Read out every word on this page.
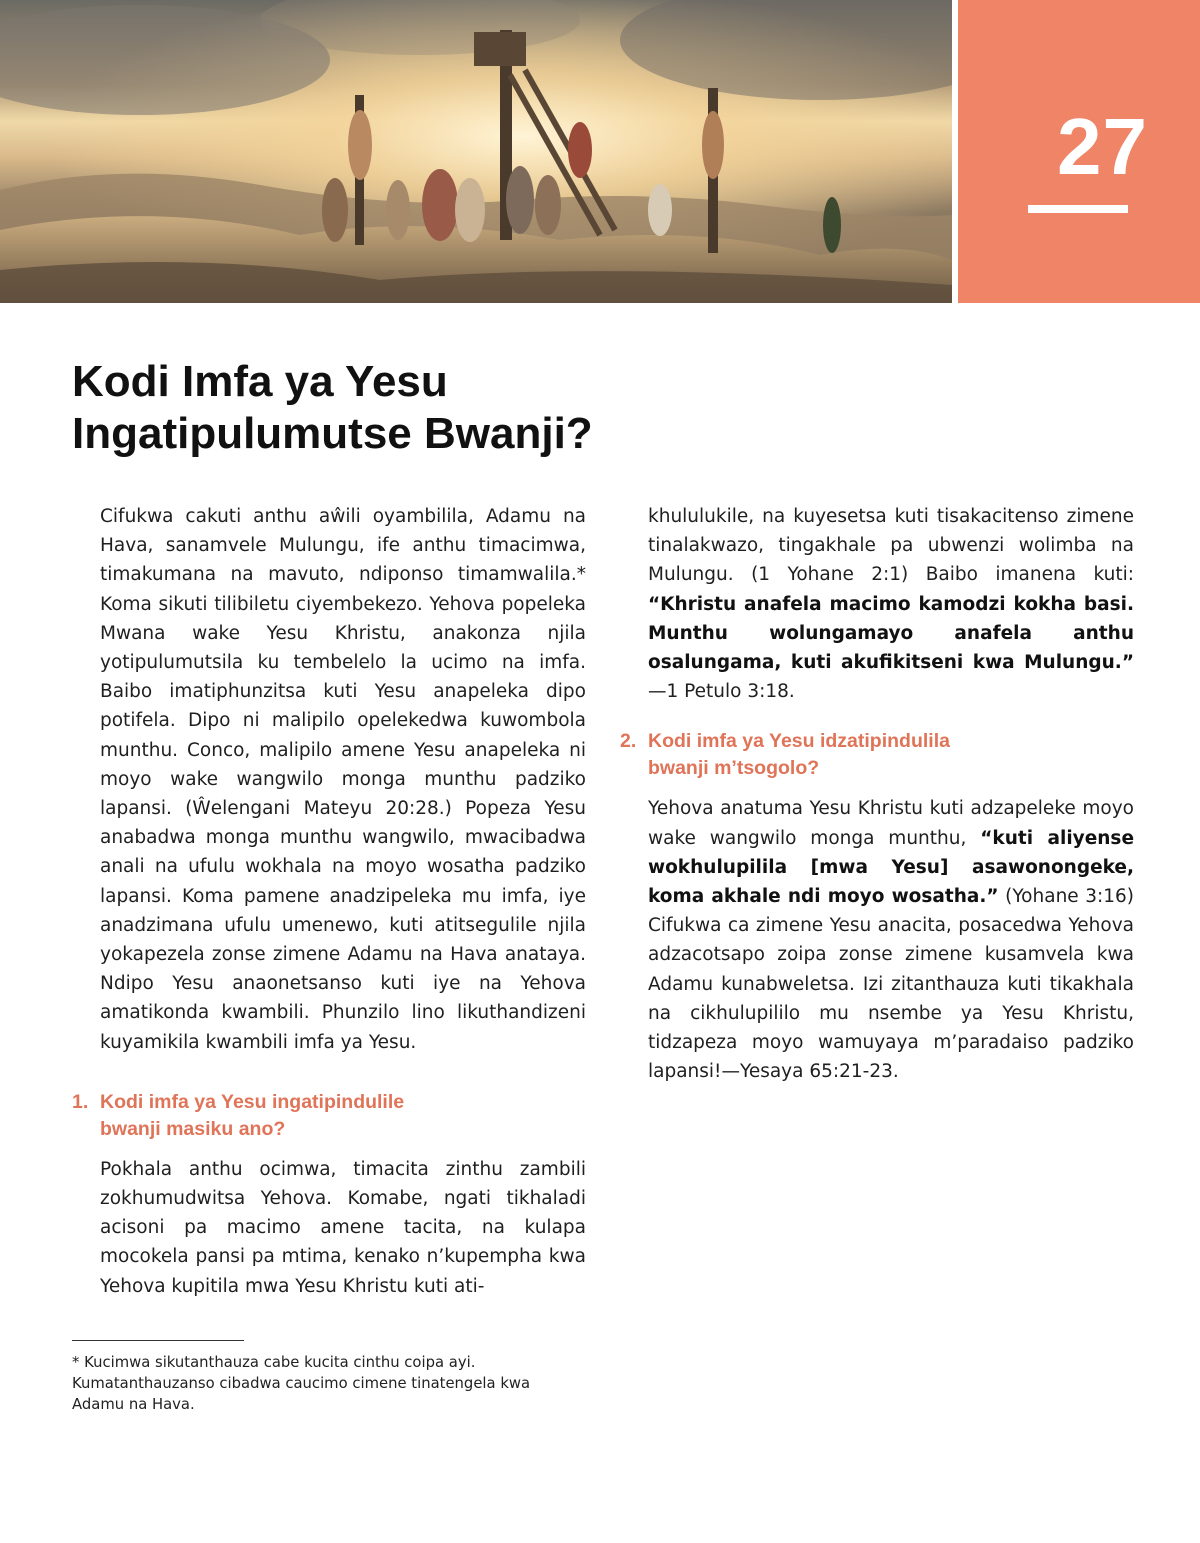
27
Kodi Imfa ya Yesu
Ingatipulumutse Bwanji?

Cifukwa cakuti anthu aŵili oyambilila, Adamu na Hava, sanamvele Mulungu, ife anthu timacimwa, timakumana na mavuto, ndiponso timamwalila.* Koma sikuti tilibiletu ciyembekezo. Yehova popeleka Mwana wake Yesu Khristu, anakonza njila yotipulumutsila ku tembelelo la ucimo na imfa. Baibo imatiphunzitsa kuti Yesu anapeleka dipo potifela. Dipo ni malipilo opelekedwa kuwombola munthu. Conco, malipilo amene Yesu anapeleka ni moyo wake wangwilo monga munthu padziko lapansi. (Ŵelengani Mateyu 20:28.) Popeza Yesu anabadwa monga munthu wangwilo, mwacibadwa anali na ufulu wokhala na moyo wosatha padziko lapansi. Koma pamene anadzipeleka mu imfa, iye anadzimana ufulu umenewo, kuti atitsegulile njila yokapezela zonse zimene Adamu na Hava anataya. Ndipo Yesu anaonetsanso kuti iye na Yehova amatikonda kwambili. Phunzilo lino likuthandizeni kuyamikila kwambili imfa ya Yesu.

1. Kodi imfa ya Yesu ingatipindulile
bwanji masiku ano?

Pokhala anthu ocimwa, timacita zinthu zambili zokhumudwitsa Yehova. Komabe, ngati tikhaladi acisoni pa macimo amene tacita, na kulapa mocokela pansi pa mtima, kenako n’kupempha kwa Yehova kupitila mwa Yesu Khristu kuti ati-

khululukile, na kuyesetsa kuti tisakacitenso zimene tinalakwazo, tingakhale pa ubwenzi wolimba na Mulungu. (1 Yohane 2:1) Baibo imanena kuti: “Khristu anafela macimo kamodzi kokha basi. Munthu wolungamayo anafela anthu osalungama, kuti akufikitseni kwa Mulungu.” —1 Petulo 3:18.

2. Kodi imfa ya Yesu idzatipindulila
bwanji m’tsogolo?

Yehova anatuma Yesu Khristu kuti adzapeleke moyo wake wangwilo monga munthu, “kuti aliyense wokhulupilila [mwa Yesu] asawonongeke, koma akhale ndi moyo wosatha.” (Yohane 3:16) Cifukwa ca zimene Yesu anacita, posacedwa Yehova adzacotsapo zoipa zonse zimene kusamvela kwa Adamu kunabweletsa. Izi zitanthauza kuti tikakhala na cikhulupililo mu nsembe ya Yesu Khristu, tidzapeza moyo wamuyaya m’paradaiso padziko lapansi!—Yesaya 65:21-23.

* Kucimwa sikutanthauza cabe kucita cinthu coipa ayi. Kumatanthauzanso cibadwa caucimo cimene tinatengela kwa Adamu na Hava.
